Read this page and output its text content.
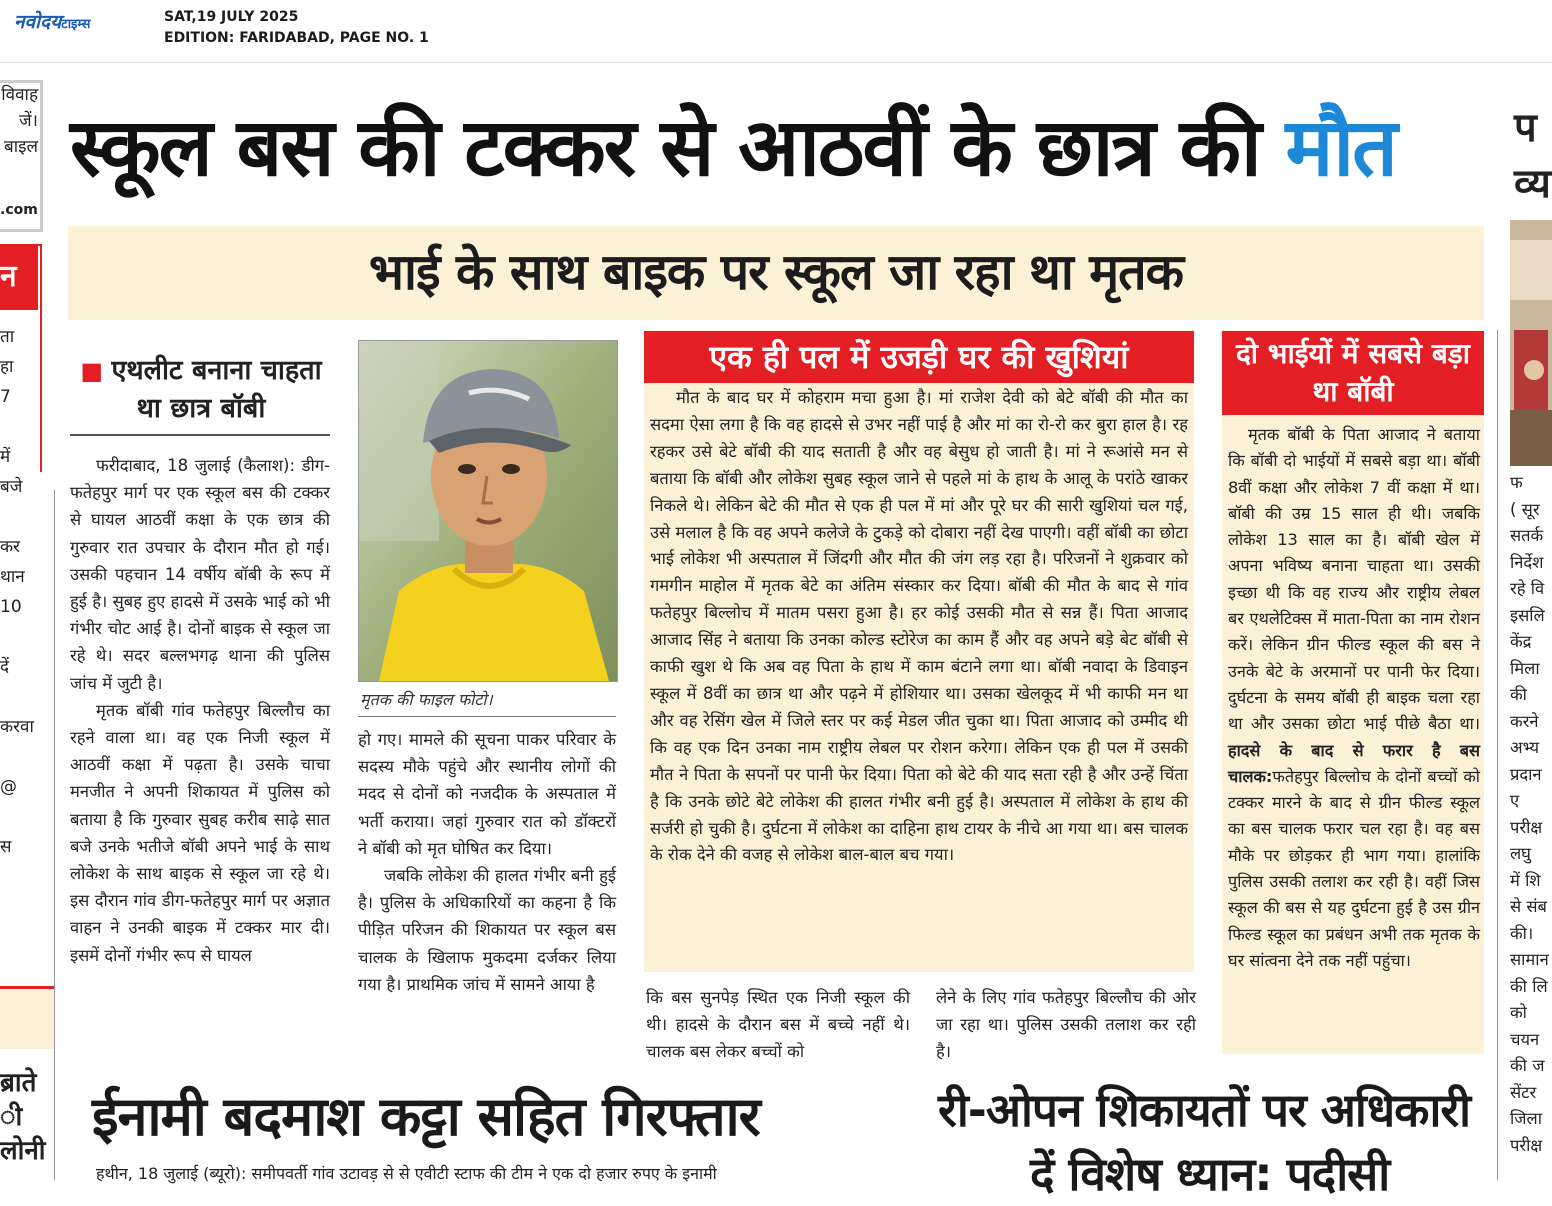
नवोदयटाइम्स	SAT,19 JULY 2025
EDITION: FARIDABAD, PAGE NO. 1
विवाह
जें।
बाइल
.com
न
ता
हा
7

में
बजे

कर
थान
10

दें

करवा

@

स
ब्राते
ी
लोनी
प
व्य
फ
( सूर
सतर्क
निर्देश
रहे वि
इसलि
केंद्र
मिला
की
करने
अभ्य
प्रदान
ए
परीक्ष
लघु
में शि
से संब
की।
सामान
की लि
को
चयन
की ज
सेंटर
जिला
परीक्ष
स्कूल बस की टक्कर से आठवीं के छात्र की मौत
भाई के साथ बाइक पर स्कूल जा रहा था मृतक
■ एथलीट बनाना चाहता था छात्र बॉबी

फरीदाबाद, 18 जुलाई (कैलाश): डीग-फतेहपुर मार्ग पर एक स्कूल बस की टक्कर से घायल आठवीं कक्षा के एक छात्र की गुरुवार रात उपचार के दौरान मौत हो गई। उसकी पहचान 14 वर्षीय बॉबी के रूप में हुई है। सुबह हुए हादसे में उसके भाई को भी गंभीर चोट आई है। दोनों बाइक से स्कूल जा रहे थे। सदर बल्लभगढ़ थाना की पुलिस जांच में जुटी है।

मृतक बॉबी गांव फतेहपुर बिल्लौच का रहने वाला था। वह एक निजी स्कूल में आठवीं कक्षा में पढ़ता है। उसके चाचा मनजीत ने अपनी शिकायत में पुलिस को बताया है कि गुरुवार सुबह करीब साढ़े सात बजे उनके भतीजे बॉबी अपने भाई के साथ लोकेश के साथ बाइक से स्कूल जा रहे थे। इस दौरान गांव डीग-फतेहपुर मार्ग पर अज्ञात वाहन ने उनकी बाइक में टक्कर मार दी। इसमें दोनों गंभीर रूप से घायल

मृतक की फाइल फोटो।

हो गए। मामले की सूचना पाकर परिवार के सदस्य मौके पहुंचे और स्थानीय लोगों की मदद से दोनों को नजदीक के अस्पताल में भर्ती कराया। जहां गुरुवार रात को डॉक्टरों ने बॉबी को मृत घोषित कर दिया।

जबकि लोकेश की हालत गंभीर बनी हुई है। पुलिस के अधिकारियों का कहना है कि पीड़ित परिजन की शिकायत पर स्कूल बस चालक के खिलाफ मुकदमा दर्जकर लिया गया है। प्राथमिक जांच में सामने आया है

एक ही पल में उजड़ी घर की खुशियां

मौत के बाद घर में कोहराम मचा हुआ है। मां राजेश देवी को बेटे बॉबी की मौत का सदमा ऐसा लगा है कि वह हादसे से उभर नहीं पाई है और मां का रो-रो कर बुरा हाल है। रह रहकर उसे बेटे बॉबी की याद सताती है और वह बेसुध हो जाती है। मां ने रूआंसे मन से बताया कि बॉबी और लोकेश सुबह स्कूल जाने से पहले मां के हाथ के आलू के परांठे खाकर निकले थे। लेकिन बेटे की मौत से एक ही पल में मां और पूरे घर की सारी खुशियां चल गई, उसे मलाल है कि वह अपने कलेजे के टुकड़े को दोबारा नहीं देख पाएगी। वहीं बॉबी का छोटा भाई लोकेश भी अस्पताल में जिंदगी और मौत की जंग लड़ रहा है। परिजनों ने शुक्रवार को गमगीन माहोल में मृतक बेटे का अंतिम संस्कार कर दिया। बॉबी की मौत के बाद से गांव फतेहपुर बिल्लोच में मातम पसरा हुआ है। हर कोई उसकी मौत से सन्न हैं। पिता आजाद आजाद सिंह ने बताया कि उनका कोल्ड स्टोरेज का काम हैं और वह अपने बड़े बेट बॉबी से काफी खुश थे कि अब वह पिता के हाथ में काम बंटाने लगा था। बॉबी नवादा के डिवाइन स्कूल में 8वीं का छात्र था और पढ़ने में होशियार था। उसका खेलकूद में भी काफी मन था और वह रेसिंग खेल में जिले स्तर पर कई मेडल जीत चुका था। पिता आजाद को उम्मीद थी कि वह एक दिन उनका नाम राष्ट्रीय लेबल पर रोशन करेगा। लेकिन एक ही पल में उसकी मौत ने पिता के सपनों पर पानी फेर दिया। पिता को बेटे की याद सता रही है और उन्हें चिंता है कि उनके छोटे बेटे लोकेश की हालत गंभीर बनी हुई है। अस्पताल में लोकेश के हाथ की सर्जरी हो चुकी है। दुर्घटना में लोकेश का दाहिना हाथ टायर के नीचे आ गया था। बस चालक के रोक देने की वजह से लोकेश बाल-बाल बच गया।

कि बस सुनपेड़ स्थित एक निजी स्कूल की थी। हादसे के दौरान बस में बच्चे नहीं थे। चालक बस लेकर बच्चों को

लेने के लिए गांव फतेहपुर बिल्लौच की ओर जा रहा था। पुलिस उसकी तलाश कर रही है।

दो भाईयों में सबसे बड़ा था बॉबी

मृतक बॉबी के पिता आजाद ने बताया कि बॉबी दो भाईयों में सबसे बड़ा था। बॉबी 8वीं कक्षा और लोकेश 7 वीं कक्षा में था। बॉबी की उम्र 15 साल ही थी। जबकि लोकेश 13 साल का है। बॉबी खेल में अपना भविष्य बनाना चाहता था। उसकी इच्छा थी कि वह राज्य और राष्ट्रीय लेबल बर एथलेटिक्स में माता-पिता का नाम रोशन करें। लेकिन ग्रीन फील्ड स्कूल की बस ने उनके बेटे के अरमानों पर पानी फेर दिया। दुर्घटना के समय बॉबी ही बाइक चला रहा था और उसका छोटा भाई पीछे बैठा था। हादसे के बाद से फरार है बस चालक:फतेहपुर बिल्लोच के दोनों बच्चों को टक्कर मारने के बाद से ग्रीन फील्ड स्कूल का बस चालक फरार चल रहा है। वह बस मौके पर छोड़कर ही भाग गया। हालांकि पुलिस उसकी तलाश कर रही है। वहीं जिस स्कूल की बस से यह दुर्घटना हुई है उस ग्रीन फिल्ड स्कूल का प्रबंधन अभी तक मृतक के घर सांत्वना देने तक नहीं पहुंचा।

ईनामी बदमाश कट्टा सहित गिरफ्तार	री-ओपन शिकायतों पर अधिकारी
दें विशेष ध्यान: पदीसी
हथीन, 18 जुलाई (ब्यूरो): समीपवर्ती गांव उटावड़ से से एवीटी स्टाफ की टीम ने एक दो हजार रुपए के इनामी
